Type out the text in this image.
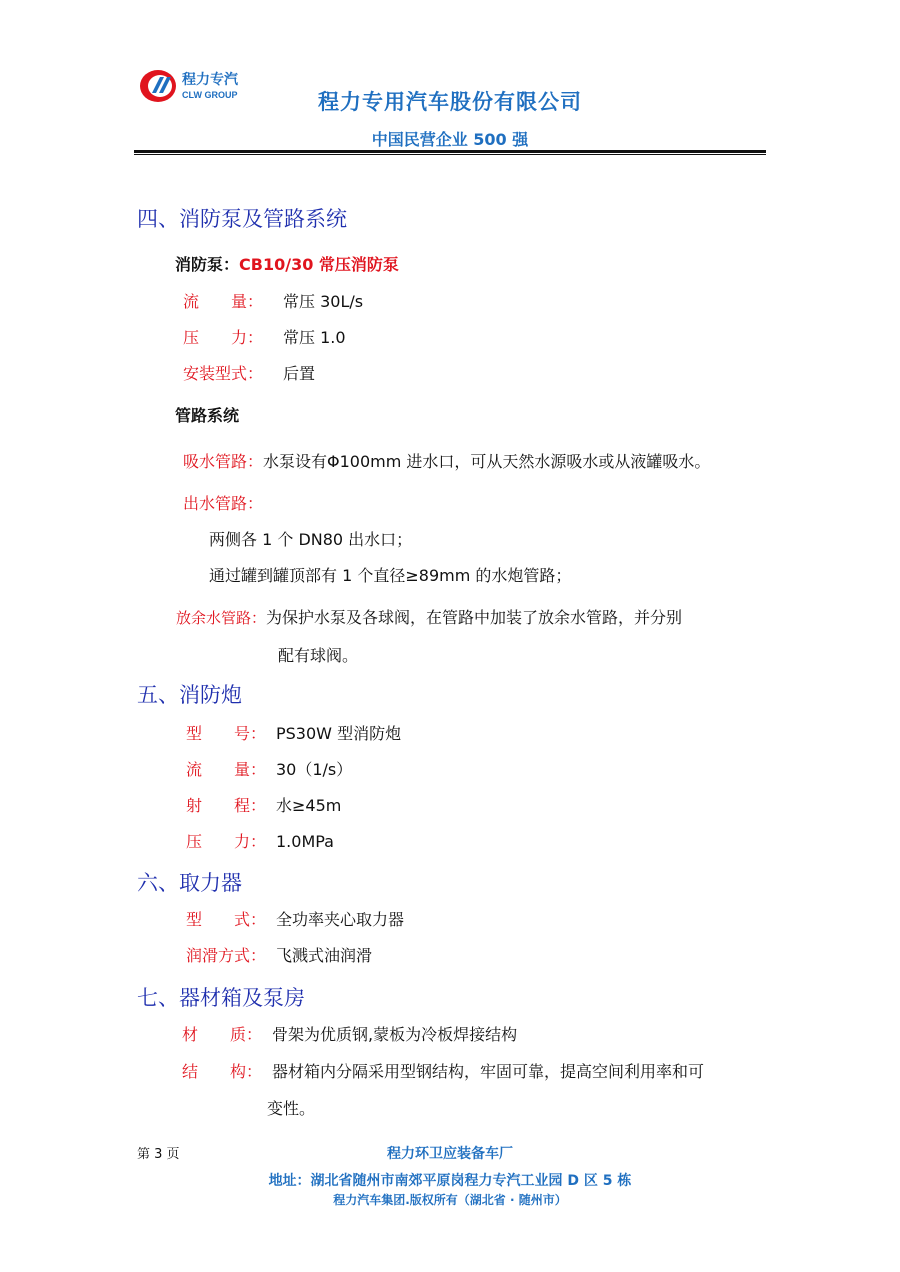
程力专汽
CLW GROUP	程力专用汽车股份有限公司
中国民营企业 500 强
四、消防泵及管路系统
消防泵：CB10/30 常压消防泵
流　　量： 常压 30L/s
压　　力： 常压 1.0
安装型式： 后置
管路系统
吸水管路：水泵设有Φ100mm 进水口，可从天然水源吸水或从液罐吸水。
出水管路：
两侧各 1 个 DN80 出水口；
通过罐到罐顶部有 1 个直径≥89mm 的水炮管路；
放余水管路：为保护水泵及各球阀，在管路中加装了放余水管路，并分别
配有球阀。
五、消防炮
型　　号： PS30W 型消防炮
流　　量： 30（1/s）
射　　程： 水≥45m
压　　力： 1.0MPa
六、取力器
型　　式： 全功率夹心取力器
润滑方式： 飞溅式油润滑
七、器材箱及泵房
材　　质： 骨架为优质钢,蒙板为冷板焊接结构
结　　构： 器材箱内分隔采用型钢结构，牢固可靠，提高空间利用率和可
变性。
第 3 页	程力环卫应装备车厂
地址：湖北省随州市南郊平原岗程力专汽工业园 D 区 5 栋
程力汽车集团.版权所有（湖北省 · 随州市）
